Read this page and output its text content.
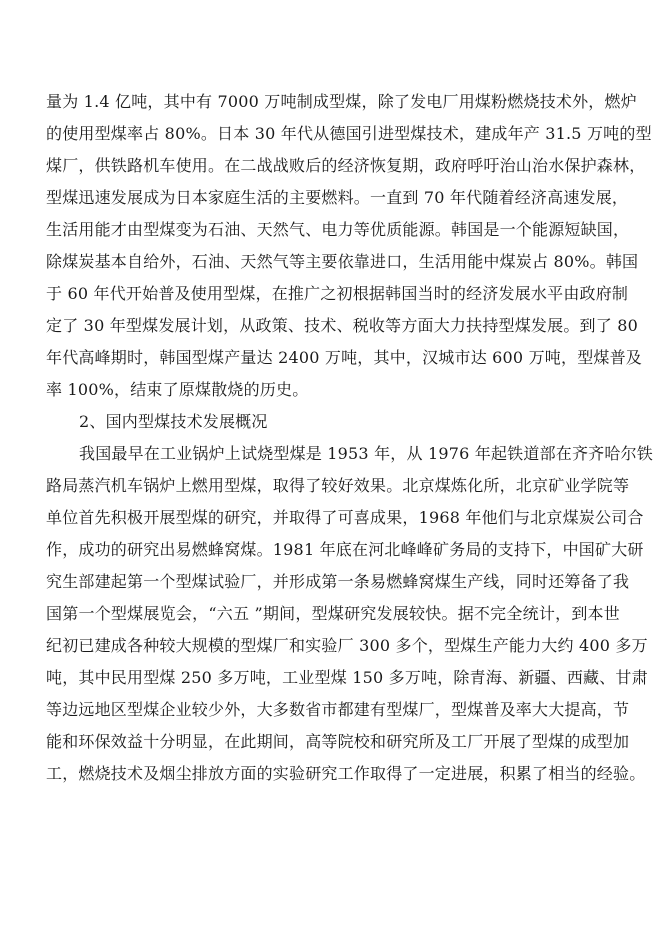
量为 1.4 亿吨，其中有 7000 万吨制成型煤，除了发电厂用煤粉燃烧技术外，燃炉
的使用型煤率占 80%。日本 30 年代从德国引进型煤技术，建成年产 31.5 万吨的型
煤厂，供铁路机车使用。在二战战败后的经济恢复期，政府呼吁治山治水保护森林，
型煤迅速发展成为日本家庭生活的主要燃料。一直到 70 年代随着经济高速发展，
生活用能才由型煤变为石油、天然气、电力等优质能源。韩国是一个能源短缺国，
除煤炭基本自给外，石油、天然气等主要依靠进口，生活用能中煤炭占 80%。韩国
于 60 年代开始普及使用型煤，在推广之初根据韩国当时的经济发展水平由政府制
定了 30 年型煤发展计划，从政策、技术、税收等方面大力扶持型煤发展。到了 80
年代高峰期时，韩国型煤产量达 2400 万吨，其中，汉城市达 600 万吨，型煤普及
率 100%，结束了原煤散烧的历史。
2、国内型煤技术发展概况
我国最早在工业锅炉上试烧型煤是 1953 年，从 1976 年起铁道部在齐齐哈尔铁
路局蒸汽机车锅炉上燃用型煤，取得了较好效果。北京煤炼化所，北京矿业学院等
单位首先积极开展型煤的研究，并取得了可喜成果，1968 年他们与北京煤炭公司合
作，成功的研究出易燃蜂窝煤。1981 年底在河北峰峰矿务局的支持下，中国矿大研
究生部建起第一个型煤试验厂，并形成第一条易燃蜂窝煤生产线，同时还筹备了我
国第一个型煤展览会，“六五 ”期间，型煤研究发展较快。据不完全统计，到本世
纪初已建成各种较大规模的型煤厂和实验厂 300 多个，型煤生产能力大约 400 多万
吨，其中民用型煤 250 多万吨，工业型煤 150 多万吨，除青海、新疆、西藏、甘肃
等边远地区型煤企业较少外，大多数省市都建有型煤厂，型煤普及率大大提高，节
能和环保效益十分明显，在此期间，高等院校和研究所及工厂开展了型煤的成型加
工，燃烧技术及烟尘排放方面的实验研究工作取得了一定进展，积累了相当的经验。
